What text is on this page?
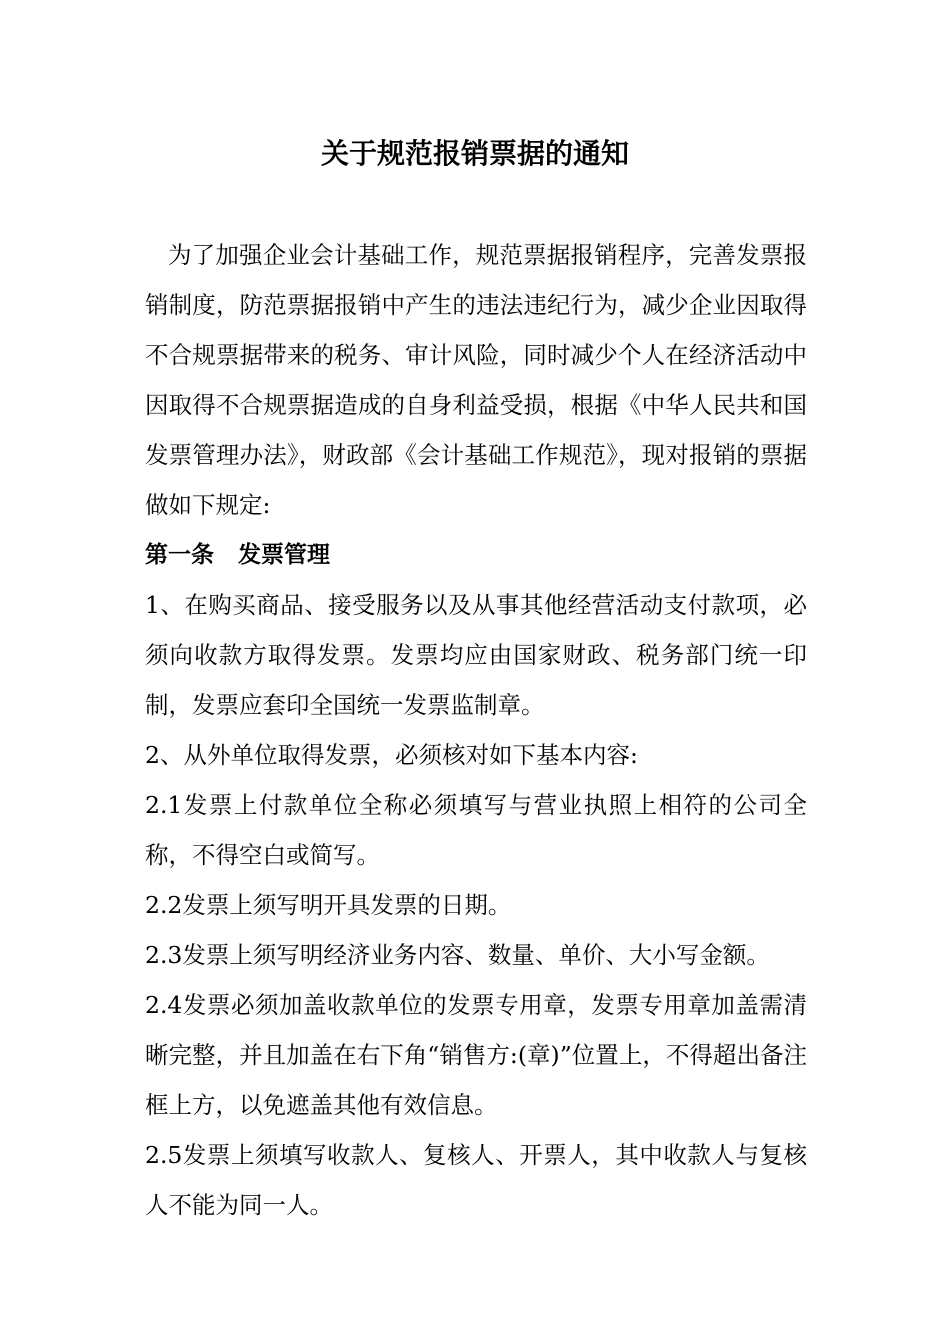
关于规范报销票据的通知

为了加强企业会计基础工作，规范票据报销程序，完善发票报销制度，防范票据报销中产生的违法违纪行为，减少企业因取得不合规票据带来的税务、审计风险，同时减少个人在经济活动中因取得不合规票据造成的自身利益受损，根据《中华人民共和国发票管理办法》，财政部《会计基础工作规范》，现对报销的票据做如下规定:

第一条   发票管理

1、在购买商品、接受服务以及从事其他经营活动支付款项，必须向收款方取得发票。发票均应由国家财政、税务部门统一印制，发票应套印全国统一发票监制章。

2、从外单位取得发票，必须核对如下基本内容:

2.1发票上付款单位全称必须填写与营业执照上相符的公司全称，不得空白或简写。

2.2发票上须写明开具发票的日期。

2.3发票上须写明经济业务内容、数量、单价、大小写金额。

2.4发票必须加盖收款单位的发票专用章，发票专用章加盖需清晰完整，并且加盖在右下角“销售方:(章)”位置上，不得超出备注框上方，以免遮盖其他有效信息。

2.5发票上须填写收款人、复核人、开票人，其中收款人与复核人不能为同一人。
